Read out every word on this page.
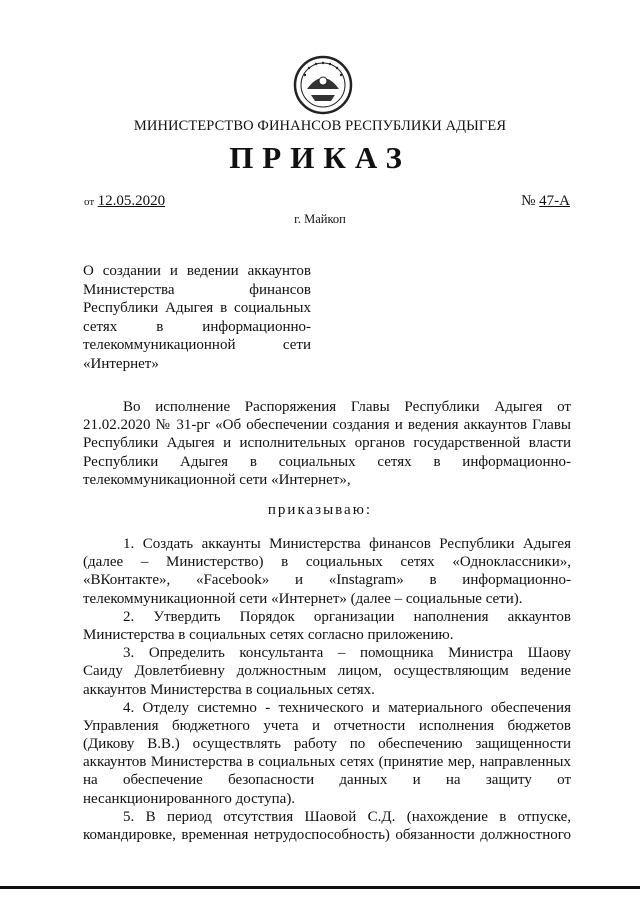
МИНИСТЕРСТВО ФИНАНСОВ РЕСПУБЛИКИ АДЫГЕЯ
ПРИКАЗ
от 12.05.2020	№ 47-А
г. Майкоп
О создании и ведении аккаунтов
Министерства финансов
Республики Адыгея в социальных
сетях в информационно-
телекоммуникационной сети
«Интернет»
Во исполнение Распоряжения Главы Республики Адыгея от
21.02.2020 № 31-рг «Об обеспечении создания и ведения аккаунтов Главы
Республики Адыгея и исполнительных органов государственной власти
Республики Адыгея в социальных сетях в информационно-
телекоммуникационной сети «Интернет»,
приказываю:
1. Создать аккаунты Министерства финансов Республики Адыгея
(далее – Министерство) в социальных сетях «Одноклассники»,
«ВКонтакте», «Facebook» и «Instagram» в информационно-
телекоммуникационной сети «Интернет» (далее – социальные сети).
2. Утвердить Порядок организации наполнения аккаунтов
Министерства в социальных сетях согласно приложению.
3. Определить консультанта – помощника Министра Шаову
Саиду Довлетбиевну должностным лицом, осуществляющим ведение
аккаунтов Министерства в социальных сетях.
4. Отделу системно - технического и материального обеспечения
Управления бюджетного учета и отчетности исполнения бюджетов
(Дикову В.В.) осуществлять работу по обеспечению защищенности
аккаунтов Министерства в социальных сетях (принятие мер, направленных
на обеспечение безопасности данных и на защиту от
несанкционированного доступа).
5. В период отсутствия Шаовой С.Д. (нахождение в отпуске,
командировке, временная нетрудоспособность) обязанности должностного
